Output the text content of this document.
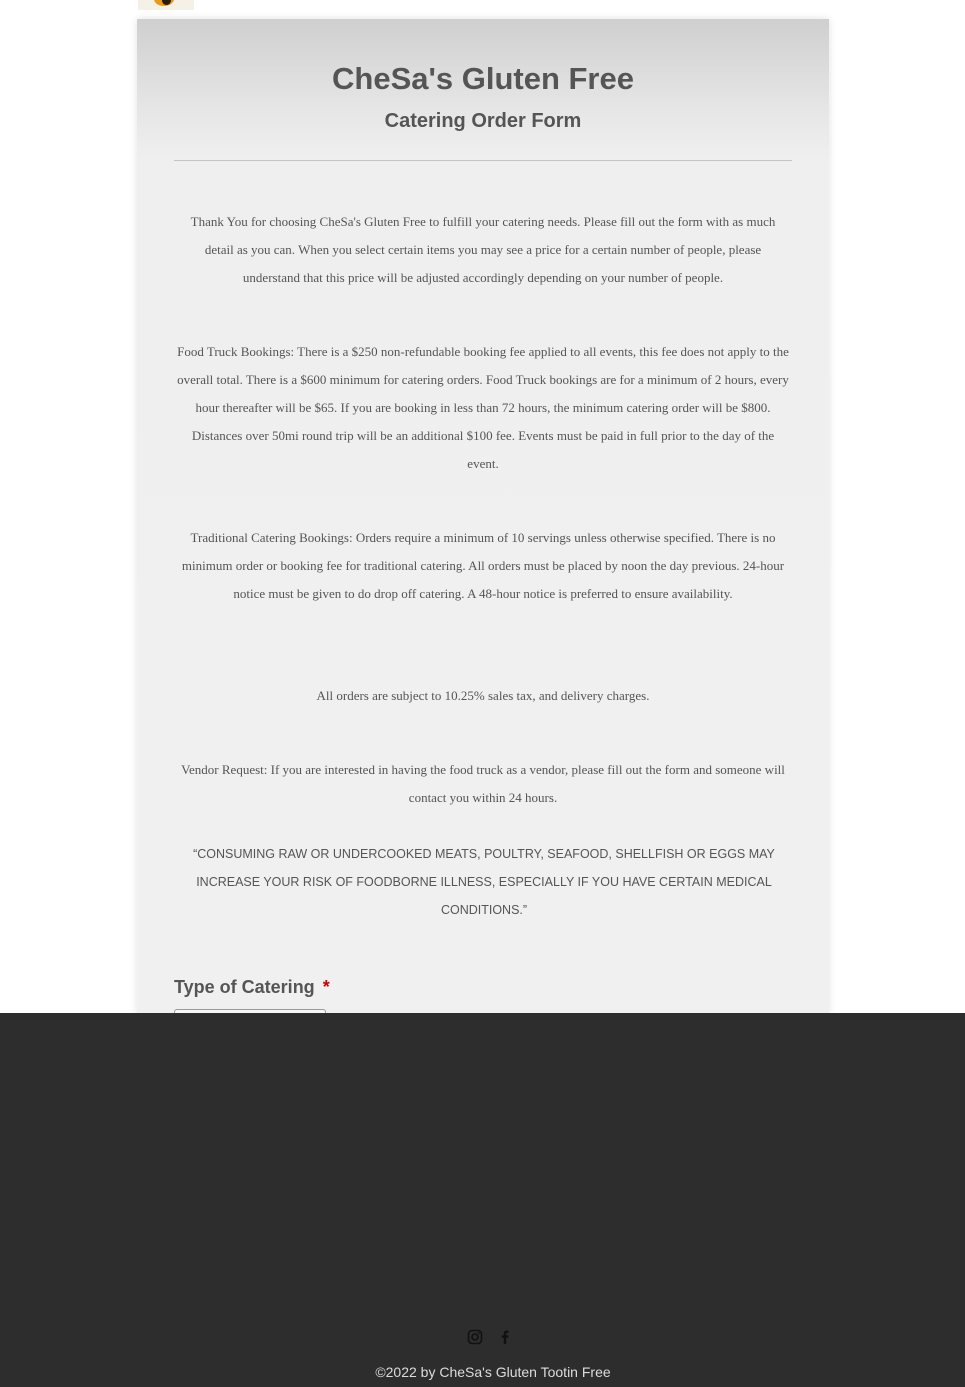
CheSa's Gluten Free
Catering Order Form

Thank You for choosing CheSa's Gluten Free to fulfill your catering needs. Please fill out the form with as much detail as you can. When you select certain items you may see a price for a certain number of people, please understand that this price will be adjusted accordingly depending on your number of people.

Food Truck Bookings: There is a $250 non-refundable booking fee applied to all events, this fee does not apply to the overall total. There is a $600 minimum for catering orders. Food Truck bookings are for a minimum of 2 hours, every hour thereafter will be $65. If you are booking in less than 72 hours, the minimum catering order will be $800. Distances over 50mi round trip will be an additional $100 fee. Events must be paid in full prior to the day of the event.

Traditional Catering Bookings: Orders require a minimum of 10 servings unless otherwise specified. There is no minimum order or booking fee for traditional catering. All orders must be placed by noon the day previous. 24-hour notice must be given to do drop off catering. A 48-hour notice is preferred to ensure availability.

All orders are subject to 10.25% sales tax, and delivery charges.

Vendor Request: If you are interested in having the food truck as a vendor, please fill out the form and someone will contact you within 24 hours.

“CONSUMING RAW OR UNDERCOOKED MEATS, POULTRY, SEAFOOD, SHELLFISH OR EGGS MAY INCREASE YOUR RISK OF FOODBORNE ILLNESS, ESPECIALLY IF YOU HAVE CERTAIN MEDICAL CONDITIONS.”

Type of Catering *
©2022 by CheSa's Gluten Tootin Free
